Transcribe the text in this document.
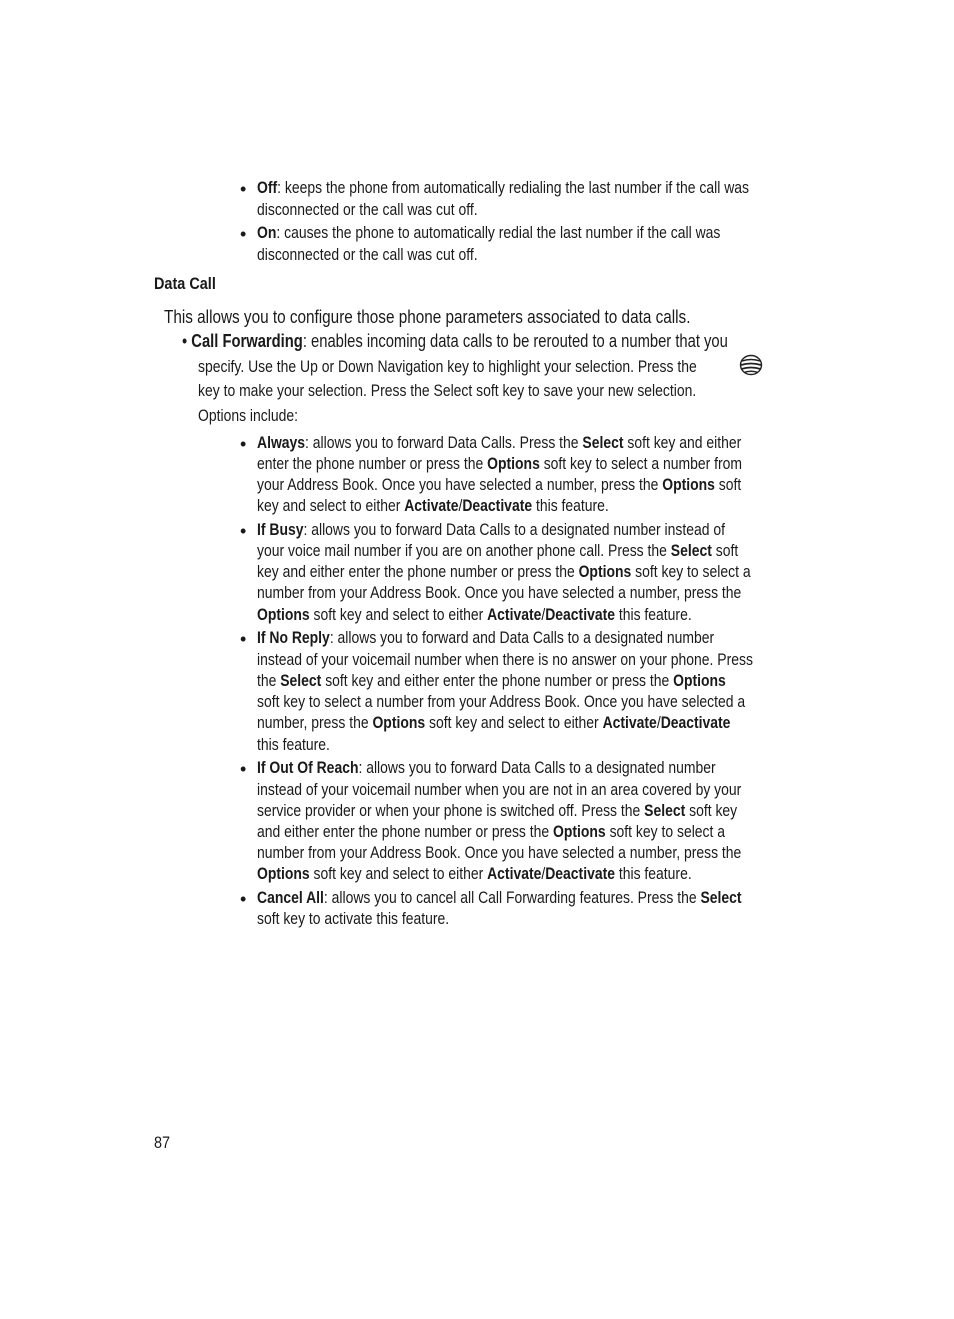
• Off: keeps the phone from automatically redialing the last number if the call was
disconnected or the call was cut off.
• On: causes the phone to automatically redial the last number if the call was
disconnected or the call was cut off.
Data Call
This allows you to configure those phone parameters associated to data calls.
• Call Forwarding: enables incoming data calls to be rerouted to a number that you
specify. Use the Up or Down Navigation key to highlight your selection. Press the
key to make your selection. Press the Select soft key to save your new selection.
Options include:
• Always: allows you to forward Data Calls. Press the Select soft key and either
enter the phone number or press the Options soft key to select a number from
your Address Book. Once you have selected a number, press the Options soft
key and select to either Activate/Deactivate this feature.
• If Busy: allows you to forward Data Calls to a designated number instead of
your voice mail number if you are on another phone call. Press the Select soft
key and either enter the phone number or press the Options soft key to select a
number from your Address Book. Once you have selected a number, press the
Options soft key and select to either Activate/Deactivate this feature.
• If No Reply: allows you to forward and Data Calls to a designated number
instead of your voicemail number when there is no answer on your phone. Press
the Select soft key and either enter the phone number or press the Options
soft key to select a number from your Address Book. Once you have selected a
number, press the Options soft key and select to either Activate/Deactivate
this feature.
• If Out Of Reach: allows you to forward Data Calls to a designated number
instead of your voicemail number when you are not in an area covered by your
service provider or when your phone is switched off. Press the Select soft key
and either enter the phone number or press the Options soft key to select a
number from your Address Book. Once you have selected a number, press the
Options soft key and select to either Activate/Deactivate this feature.
• Cancel All: allows you to cancel all Call Forwarding features. Press the Select
soft key to activate this feature.
87
